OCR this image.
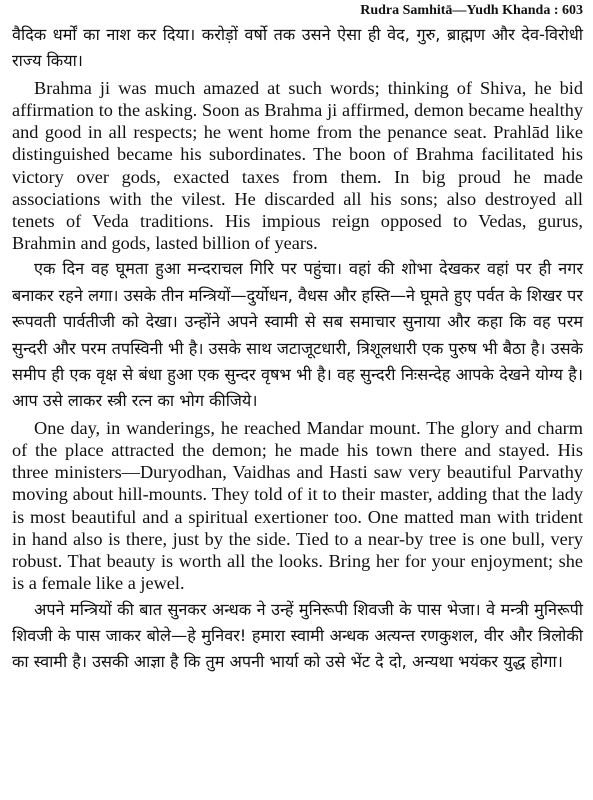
Rudra Samhitā—Yudh Khanda : 603

वैदिक धर्मों का नाश कर दिया। करोड़ों वर्षो तक उसने ऐसा ही वेद, गुरु, ब्राह्मण और देव-विरोधी राज्य किया।

Brahma ji was much amazed at such words; thinking of Shiva, he bid affirmation to the asking. Soon as Brahma ji affirmed, demon became healthy and good in all respects; he went home from the penance seat. Prahlād like distinguished became his subordinates. The boon of Brahma facilitated his victory over gods, exacted taxes from them. In big proud he made associations with the vilest. He discarded all his sons; also destroyed all tenets of Veda traditions. His impious reign opposed to Vedas, gurus, Brahmin and gods, lasted billion of years.

एक दिन वह घूमता हुआ मन्दराचल गिरि पर पहुंचा। वहां की शोभा देखकर वहां पर ही नगर बनाकर रहने लगा। उसके तीन मन्त्रियों—दुर्योधन, वैधस और हस्ति—ने घूमते हुए पर्वत के शिखर पर रूपवती पार्वतीजी को देखा। उन्होंने अपने स्वामी से सब समाचार सुनाया और कहा कि वह परम सुन्दरी और परम तपस्विनी भी है। उसके साथ जटाजूटधारी, त्रिशूलधारी एक पुरुष भी बैठा है। उसके समीप ही एक वृक्ष से बंधा हुआ एक सुन्दर वृषभ भी है। वह सुन्दरी निःसन्देह आपके देखने योग्य है। आप उसे लाकर स्त्री रत्न का भोग कीजिये।

One day, in wanderings, he reached Mandar mount. The glory and charm of the place attracted the demon; he made his town there and stayed. His three ministers—Duryodhan, Vaidhas and Hasti saw very beautiful Parvathy moving about hill-mounts. They told of it to their master, adding that the lady is most beautiful and a spiritual exertioner too. One matted man with trident in hand also is there, just by the side. Tied to a near-by tree is one bull, very robust. That beauty is worth all the looks. Bring her for your enjoyment; she is a female like a jewel.

अपने मन्त्रियों की बात सुनकर अन्धक ने उन्हें मुनिरूपी शिवजी के पास भेजा। वे मन्त्री मुनिरूपी शिवजी के पास जाकर बोले—हे मुनिवर! हमारा स्वामी अन्धक अत्यन्त रणकुशल, वीर और त्रिलोकी का स्वामी है। उसकी आज्ञा है कि तुम अपनी भार्या को उसे भेंट दे दो, अन्यथा भयंकर युद्ध होगा।
